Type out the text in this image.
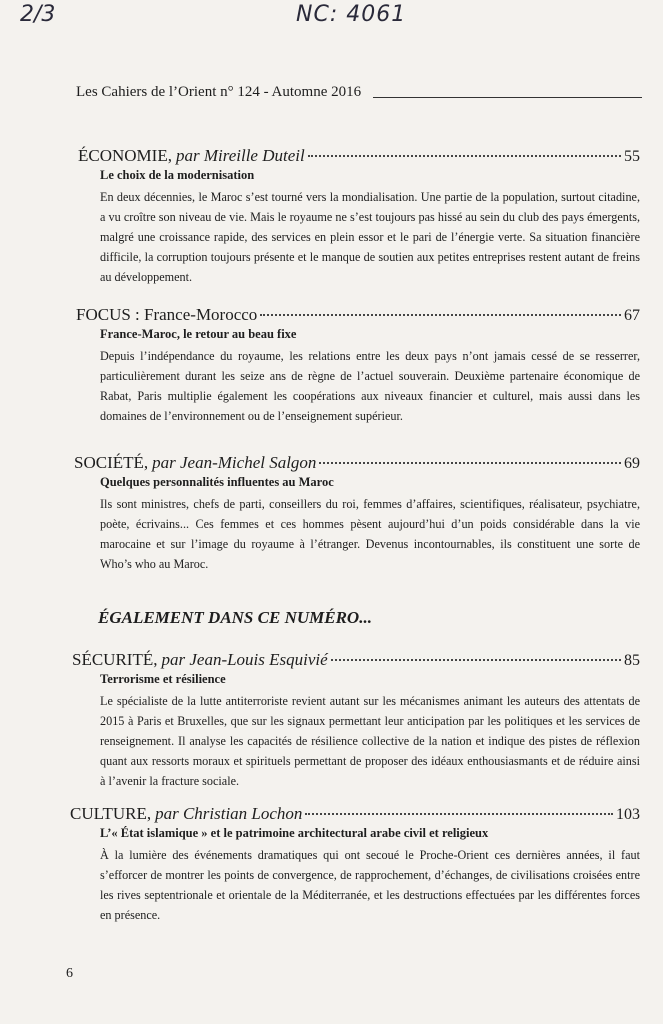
2/3	NC: 4061
Les Cahiers de l’Orient n° 124 - Automne 2016
ÉCONOMIE, par Mireille Duteil	55
Le choix de la modernisation
En deux décennies, le Maroc s’est tourné vers la mondialisation. Une partie de la population, surtout citadine, a vu croître son niveau de vie. Mais le royaume ne s’est toujours pas hissé au sein du club des pays émergents, malgré une croissance rapide, des services en plein essor et le pari de l’énergie verte. Sa situation financière difficile, la corruption toujours présente et le manque de soutien aux petites entreprises restent autant de freins au développement.
FOCUS : France-Morocco	67
France-Maroc, le retour au beau fixe
Depuis l’indépendance du royaume, les relations entre les deux pays n’ont jamais cessé de se resserrer, particulièrement durant les seize ans de règne de l’actuel souverain. Deuxième partenaire économique de Rabat, Paris multiplie également les coopérations aux niveaux financier et culturel, mais aussi dans les domaines de l’environnement ou de l’enseignement supérieur.
SOCIÉTÉ, par Jean-Michel Salgon	69
Quelques personnalités influentes au Maroc
Ils sont ministres, chefs de parti, conseillers du roi, femmes d’affaires, scientifiques, réalisateur, psychiatre, poète, écrivains... Ces femmes et ces hommes pèsent aujourd’hui d’un poids considérable dans la vie marocaine et sur l’image du royaume à l’étranger. Devenus incontournables, ils constituent une sorte de Who’s who au Maroc.
ÉGALEMENT DANS CE NUMÉRO...
SÉCURITÉ, par Jean-Louis Esquivié	85
Terrorisme et résilience
Le spécialiste de la lutte antiterroriste revient autant sur les mécanismes animant les auteurs des attentats de 2015 à Paris et Bruxelles, que sur les signaux permettant leur anticipation par les politiques et les services de renseignement. Il analyse les capacités de résilience collective de la nation et indique des pistes de réflexion quant aux ressorts moraux et spirituels permettant de proposer des idéaux enthousiasmants et de réduire ainsi à l’avenir la fracture sociale.
CULTURE, par Christian Lochon	103
L’« État islamique » et le patrimoine architectural arabe civil et religieux
À la lumière des événements dramatiques qui ont secoué le Proche-Orient ces dernières années, il faut s’efforcer de montrer les points de convergence, de rapprochement, d’échanges, de civilisations croisées entre les rives septentrionale et orientale de la Méditerranée, et les destructions effectuées par les différentes forces en présence.
6
